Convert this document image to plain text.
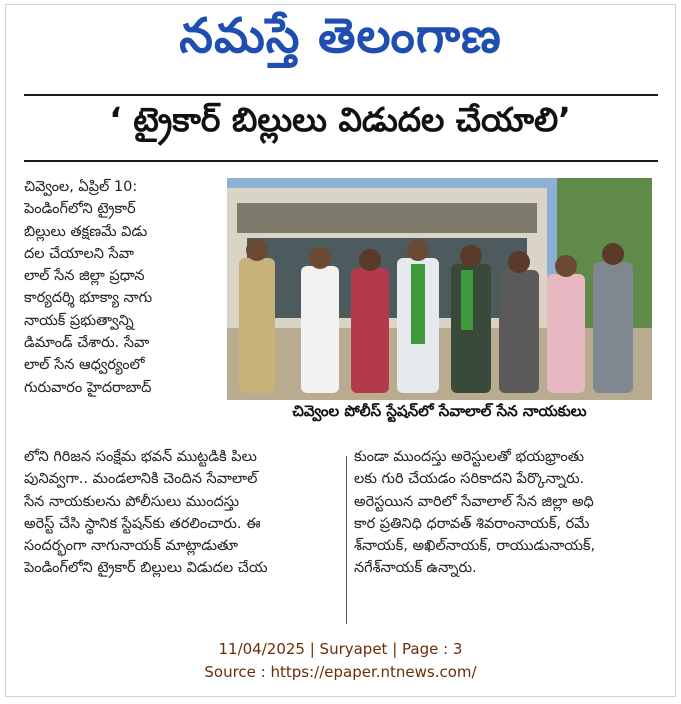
నమస్తే తెలంగాణ
‘ ట్రైకార్ బిల్లులు విడుదల చేయాలి’
చివ్వెంల, ఏప్రిల్ 10:
పెండింగ్‌లోని ట్రైకార్
బిల్లులు తక్షణమే విడు
దల చేయాలని సేవా
లాల్ సేన జిల్లా ప్రధాన
కార్యదర్శి భూక్యా నాగు
నాయక్ ప్రభుత్వాన్ని
డిమాండ్ చేశారు. సేవా
లాల్ సేన ఆధ్వర్యంలో
గురువారం హైదరాబాద్
చివ్వెంల పోలీస్ స్టేషన్‌లో సేవాలాల్ సేన నాయకులు
లోని గిరిజన సంక్షేమ భవన్ ముట్టడికి పిలు
పునివ్వగా.. మండలానికి చెందిన సేవాలాల్
సేన నాయకులను పోలీసులు ముందస్తు
అరెస్ట్ చేసి స్థానిక స్టేషన్‌కు తరలించారు. ఈ
సందర్భంగా నాగునాయక్ మాట్లాడుతూ
పెండింగ్‌లోని ట్రైకార్ బిల్లులు విడుదల చేయ
కుండా ముందస్తు అరెస్టులతో భయభ్రాంతు
లకు గురి చేయడం సరికాదని పేర్కొన్నారు.
అరెస్టయిన వారిలో సేవాలాల్ సేన జిల్లా అధి
కార ప్రతినిధి ధరావత్ శివరాంనాయక్, రమే
శ్‌నాయక్, అఖిల్‌నాయక్, రాయుడునాయక్,
నగేశ్‌నాయక్ ఉన్నారు.
11/04/2025 | Suryapet | Page : 3
Source : https://epaper.ntnews.com/
